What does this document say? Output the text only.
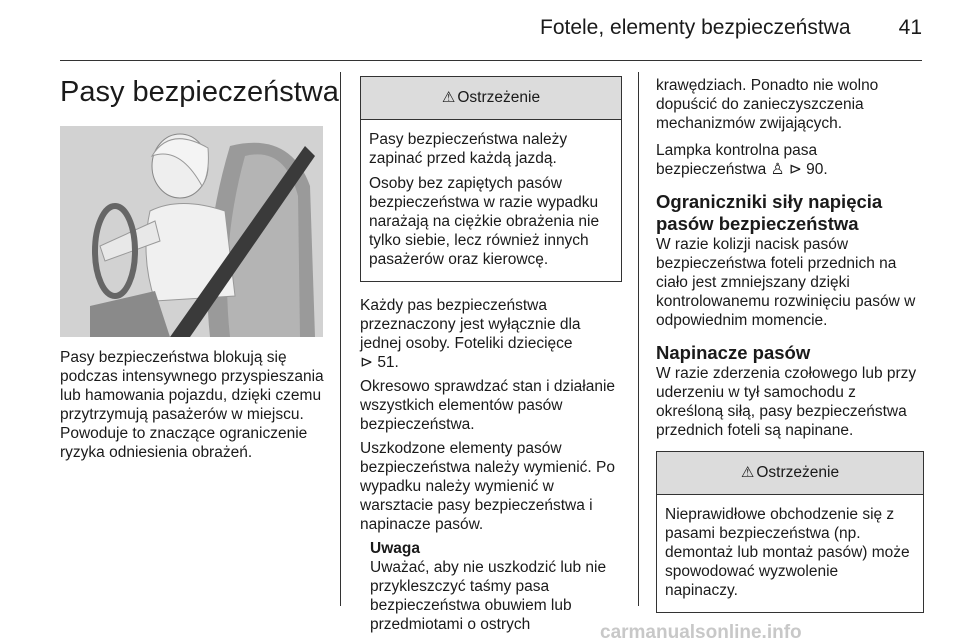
Fotele, elementy bezpieczeństwa 41
Pasy bezpieczeństwa

Pasy bezpieczeństwa blokują się podczas intensywnego przyspieszania lub hamowania pojazdu, dzięki czemu przytrzymują pasażerów w miejscu. Powoduje to znaczące ograniczenie ryzyka odniesienia obrażeń.

⚠ Ostrzeżenie

Pasy bezpieczeństwa należy zapinać przed każdą jazdą.

Osoby bez zapiętych pasów bezpieczeństwa w razie wypadku narażają na ciężkie obrażenia nie tylko siebie, lecz również innych pasażerów oraz kierowcę.

Każdy pas bezpieczeństwa przeznaczony jest wyłącznie dla jednej osoby. Foteliki dziecięce
⊳ 51.

Okresowo sprawdzać stan i działanie wszystkich elementów pasów bezpieczeństwa.

Uszkodzone elementy pasów bezpieczeństwa należy wymienić. Po wypadku należy wymienić w warsztacie pasy bezpieczeństwa i napinacze pasów.

Uwaga
Uważać, aby nie uszkodzić lub nie przykleszczyć taśmy pasa bezpieczeństwa obuwiem lub przedmiotami o ostrych

krawędziach. Ponadto nie wolno dopuścić do zanieczyszczenia mechanizmów zwijających.

Lampka kontrolna pasa bezpieczeństwa ♙ ⊳ 90.

Ograniczniki siły napięcia pasów bezpieczeństwa

W razie kolizji nacisk pasów bezpieczeństwa foteli przednich na ciało jest zmniejszany dzięki kontrolowanemu rozwinięciu pasów w odpowiednim momencie.

Napinacze pasów

W razie zderzenia czołowego lub przy uderzeniu w tył samochodu z określoną siłą, pasy bezpieczeństwa przednich foteli są napinane.

⚠ Ostrzeżenie

Nieprawidłowe obchodzenie się z pasami bezpieczeństwa (np. demontaż lub montaż pasów) może spowodować wyzwolenie napinaczy.

carmanualsonline.info
